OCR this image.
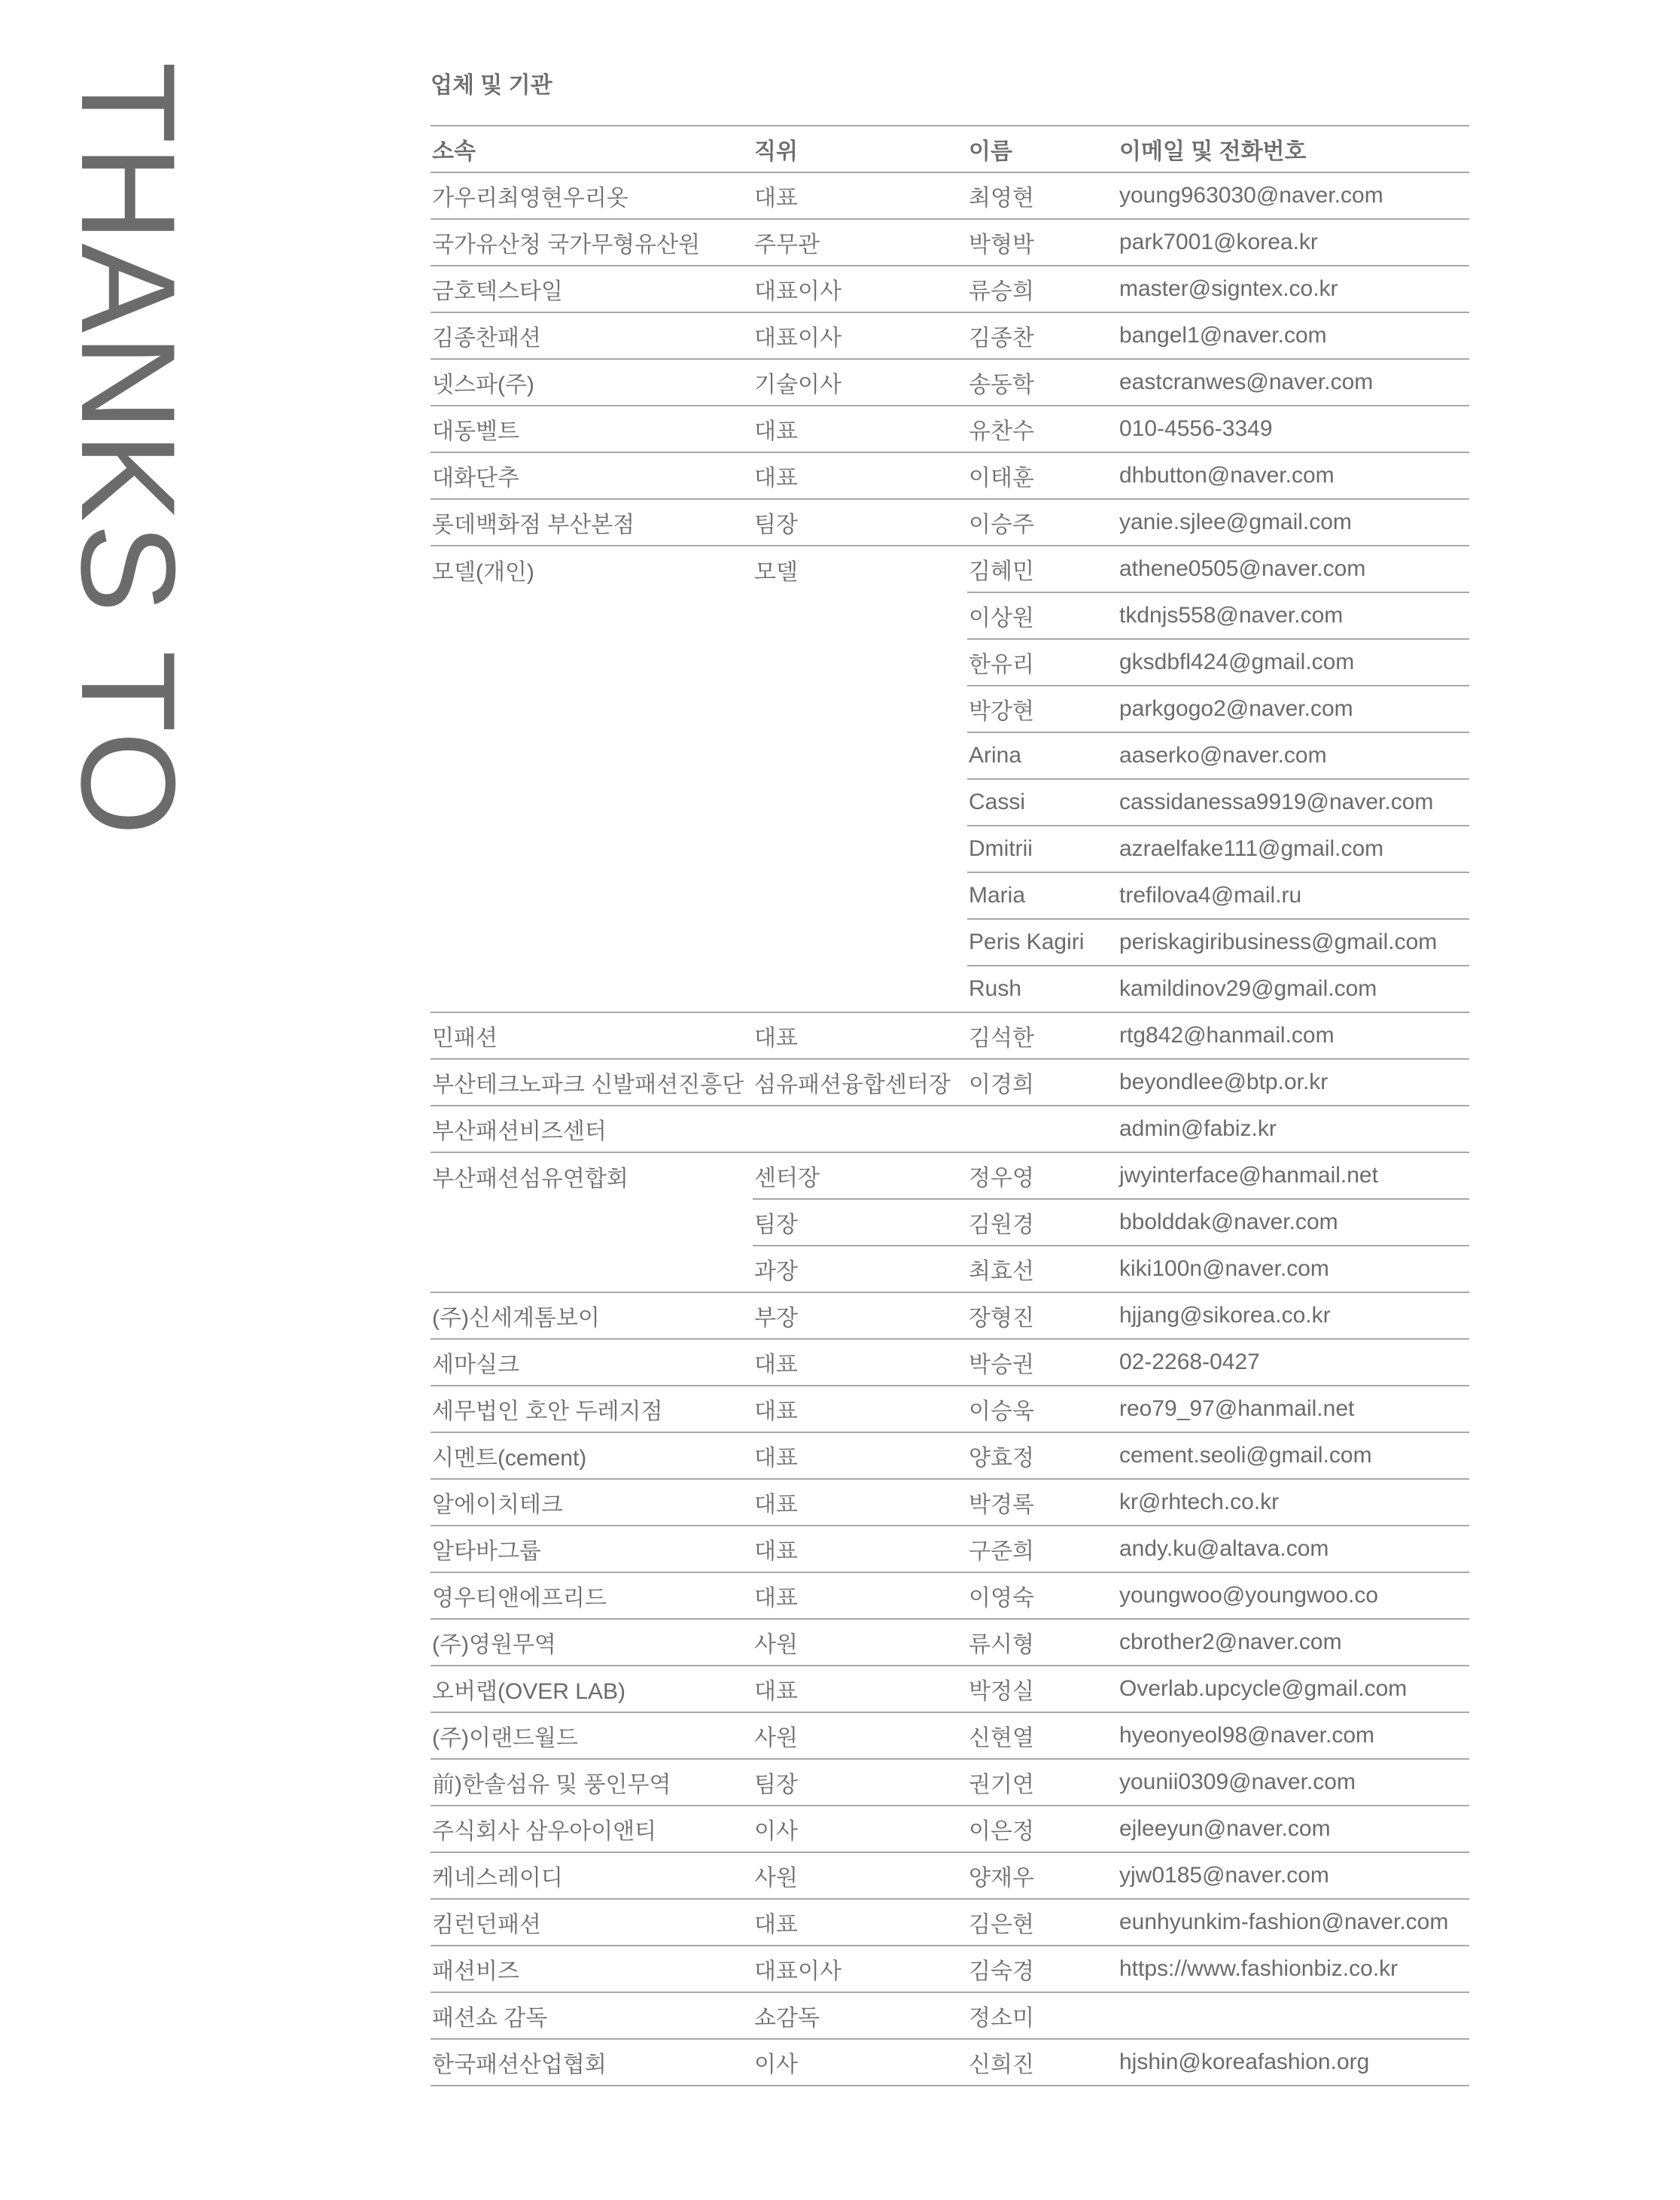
THANKS TO	업체 및 기관
소속	직위	이름	이메일 및 전화번호
가우리최영현우리옷	대표	최영현	young963030@naver.com
국가유산청 국가무형유산원	주무관	박형박	park7001@korea.kr
금호텍스타일	대표이사	류승희	master@signtex.co.kr
김종찬패션	대표이사	김종찬	bangel1@naver.com
넷스파(주)	기술이사	송동학	eastcranwes@naver.com
대동벨트	대표	유찬수	010-4556-3349
대화단추	대표	이태훈	dhbutton@naver.com
롯데백화점 부산본점	팀장	이승주	yanie.sjlee@gmail.com
모델(개인)	모델	김혜민	athene0505@naver.com
		이상원	tkdnjs558@naver.com
		한유리	gksdbfl424@gmail.com
		박강현	parkgogo2@naver.com
		Arina	aaserko@naver.com
		Cassi	cassidanessa9919@naver.com
		Dmitrii	azraelfake111@gmail.com
		Maria	trefilova4@mail.ru
		Peris Kagiri	periskagiribusiness@gmail.com
		Rush	kamildinov29@gmail.com
민패션	대표	김석한	rtg842@hanmail.com
부산테크노파크 신발패션진흥단	섬유패션융합센터장	이경희	beyondlee@btp.or.kr
부산패션비즈센터			admin@fabiz.kr
부산패션섬유연합회	센터장	정우영	jwyinterface@hanmail.net
	팀장	김원경	bbolddak@naver.com
	과장	최효선	kiki100n@naver.com
(주)신세계톰보이	부장	장형진	hjjang@sikorea.co.kr
세마실크	대표	박승권	02-2268-0427
세무법인 호안 두레지점	대표	이승욱	reo79_97@hanmail.net
시멘트(cement)	대표	양효정	cement.seoli@gmail.com
알에이치테크	대표	박경록	kr@rhtech.co.kr
알타바그룹	대표	구준희	andy.ku@altava.com
영우티앤에프리드	대표	이영숙	youngwoo@youngwoo.co
(주)영원무역	사원	류시형	cbrother2@naver.com
오버랩(OVER LAB)	대표	박정실	Overlab.upcycle@gmail.com
(주)이랜드월드	사원	신현열	hyeonyeol98@naver.com
前)한솔섬유 및 풍인무역	팀장	권기연	younii0309@naver.com
주식회사 삼우아이앤티	이사	이은정	ejleeyun@naver.com
케네스레이디	사원	양재우	yjw0185@naver.com
킴런던패션	대표	김은현	eunhyunkim-fashion@naver.com
패션비즈	대표이사	김숙경	https://www.fashionbiz.co.kr
패션쇼 감독	쇼감독	정소미	
한국패션산업협회	이사	신희진	hjshin@koreafashion.org
